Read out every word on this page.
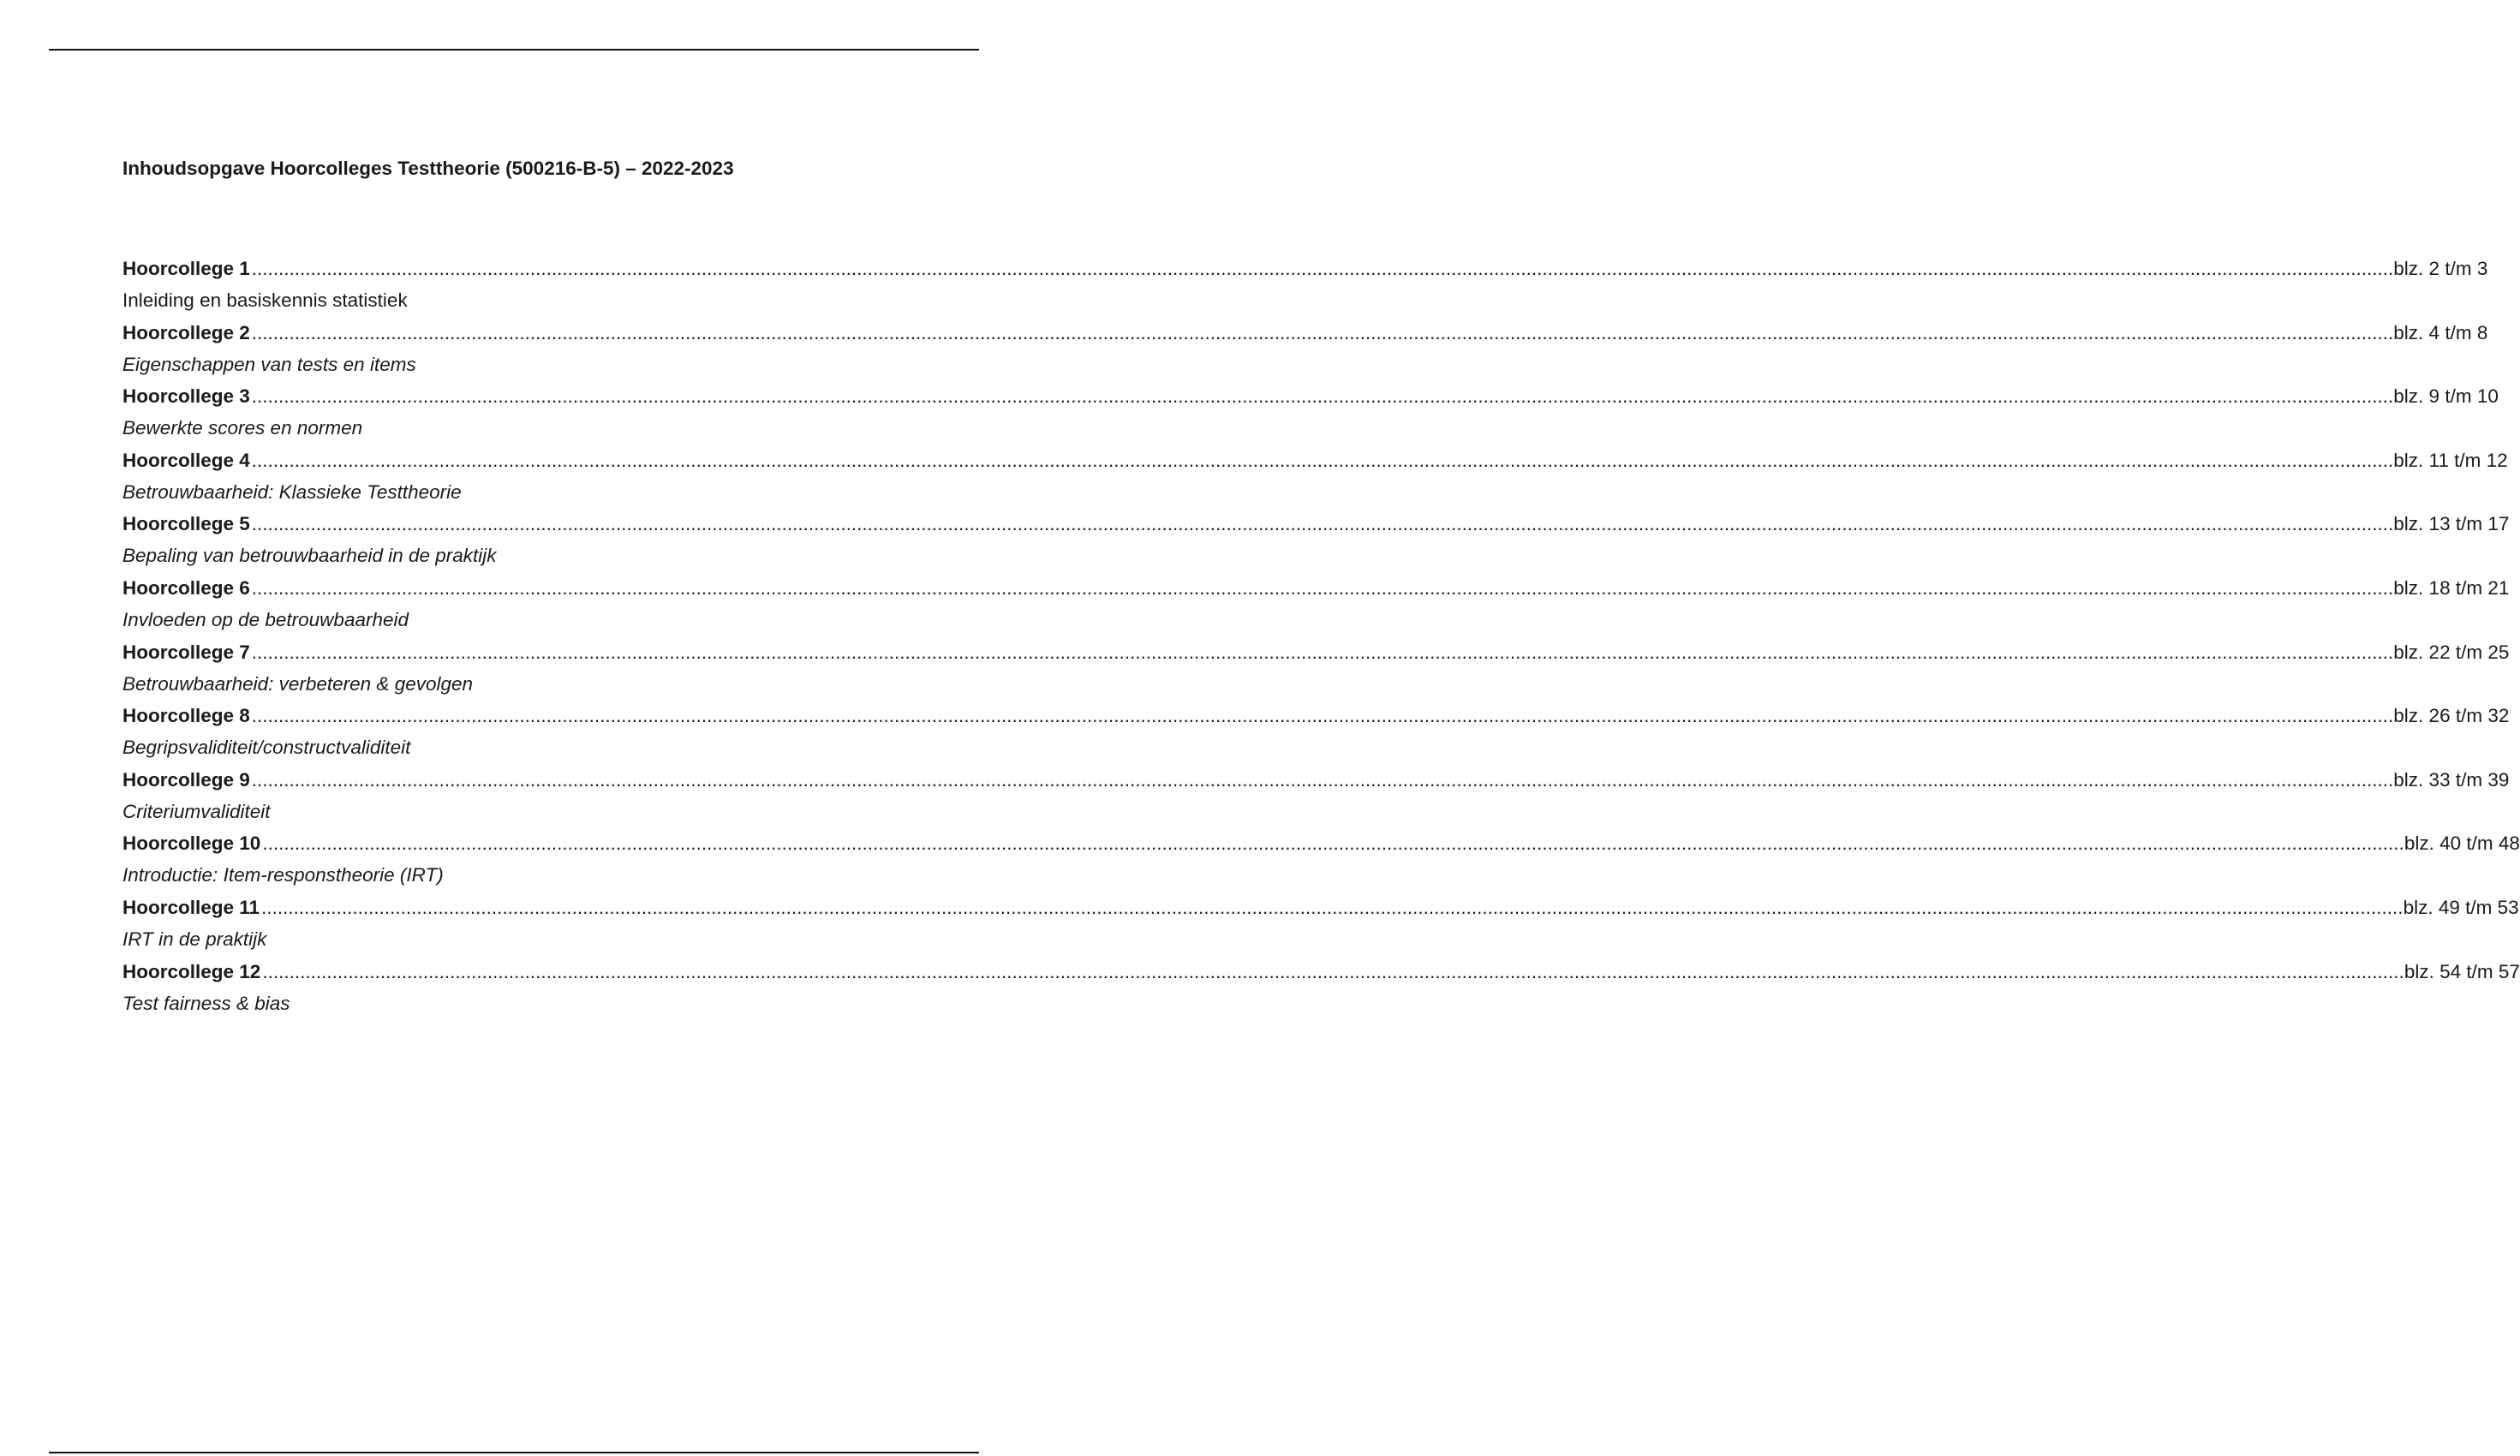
Inhoudsopgave Hoorcolleges Testtheorie (500216-B-5) – 2022-2023
Hoorcollege 1 ................................................................................................................................................................................................................................................................................................................................................................................................................ blz. 2 t/m 3
Inleiding en basiskennis statistiek
Hoorcollege 2 ................................................................................................................................................................................................................................................................................................................................................................................................................ blz. 4 t/m 8
Eigenschappen van tests en items
Hoorcollege 3 ................................................................................................................................................................................................................................................................................................................................................................................................................ blz. 9 t/m 10
Bewerkte scores en normen
Hoorcollege 4 ................................................................................................................................................................................................................................................................................................................................................................................................................ blz. 11 t/m 12
Betrouwbaarheid: Klassieke Testtheorie
Hoorcollege 5 ................................................................................................................................................................................................................................................................................................................................................................................................................ blz. 13 t/m 17
Bepaling van betrouwbaarheid in de praktijk
Hoorcollege 6 ................................................................................................................................................................................................................................................................................................................................................................................................................ blz. 18 t/m 21
Invloeden op de betrouwbaarheid
Hoorcollege 7 ................................................................................................................................................................................................................................................................................................................................................................................................................ blz. 22 t/m 25
Betrouwbaarheid: verbeteren & gevolgen
Hoorcollege 8 ................................................................................................................................................................................................................................................................................................................................................................................................................ blz. 26 t/m 32
Begripsvaliditeit/constructvaliditeit
Hoorcollege 9 ................................................................................................................................................................................................................................................................................................................................................................................................................ blz. 33 t/m 39
Criteriumvaliditeit
Hoorcollege 10 ................................................................................................................................................................................................................................................................................................................................................................................................................ blz. 40 t/m 48
Introductie: Item-responstheorie (IRT)
Hoorcollege 11 ................................................................................................................................................................................................................................................................................................................................................................................................................ blz. 49 t/m 53
IRT in de praktijk
Hoorcollege 12 ................................................................................................................................................................................................................................................................................................................................................................................................................ blz. 54 t/m 57
Test fairness & bias
